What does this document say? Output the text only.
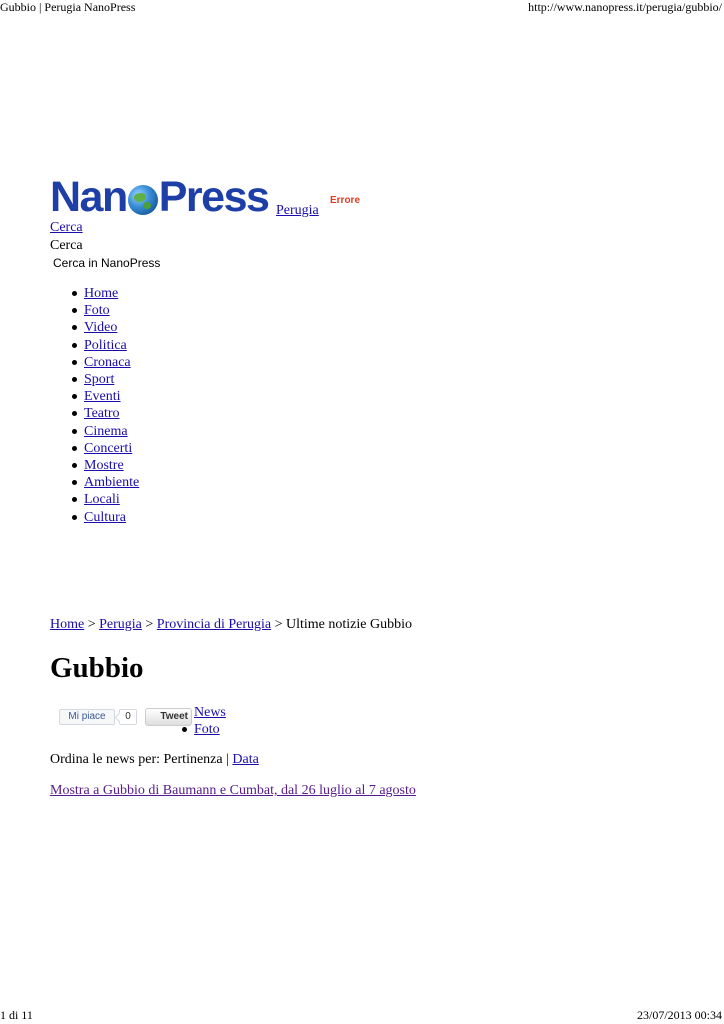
Gubbio | Perugia NanoPress	http://www.nanopress.it/perugia/gubbio/
Nan Press Perugia
Errore
Cerca
Cerca
Cerca in NanoPress
Home
Foto
Video
Politica
Cronaca
Sport
Eventi
Teatro
Cinema
Concerti
Mostre
Ambiente
Locali
Cultura
Home > Perugia > Provincia di Perugia > Ultime notizie Gubbio
Gubbio
Mi piace	0	Tweet News
Foto
Ordina le news per: Pertinenza | Data
Mostra a Gubbio di Baumann e Cumbat, dal 26 luglio al 7 agosto
1 di 11	23/07/2013 00:34
